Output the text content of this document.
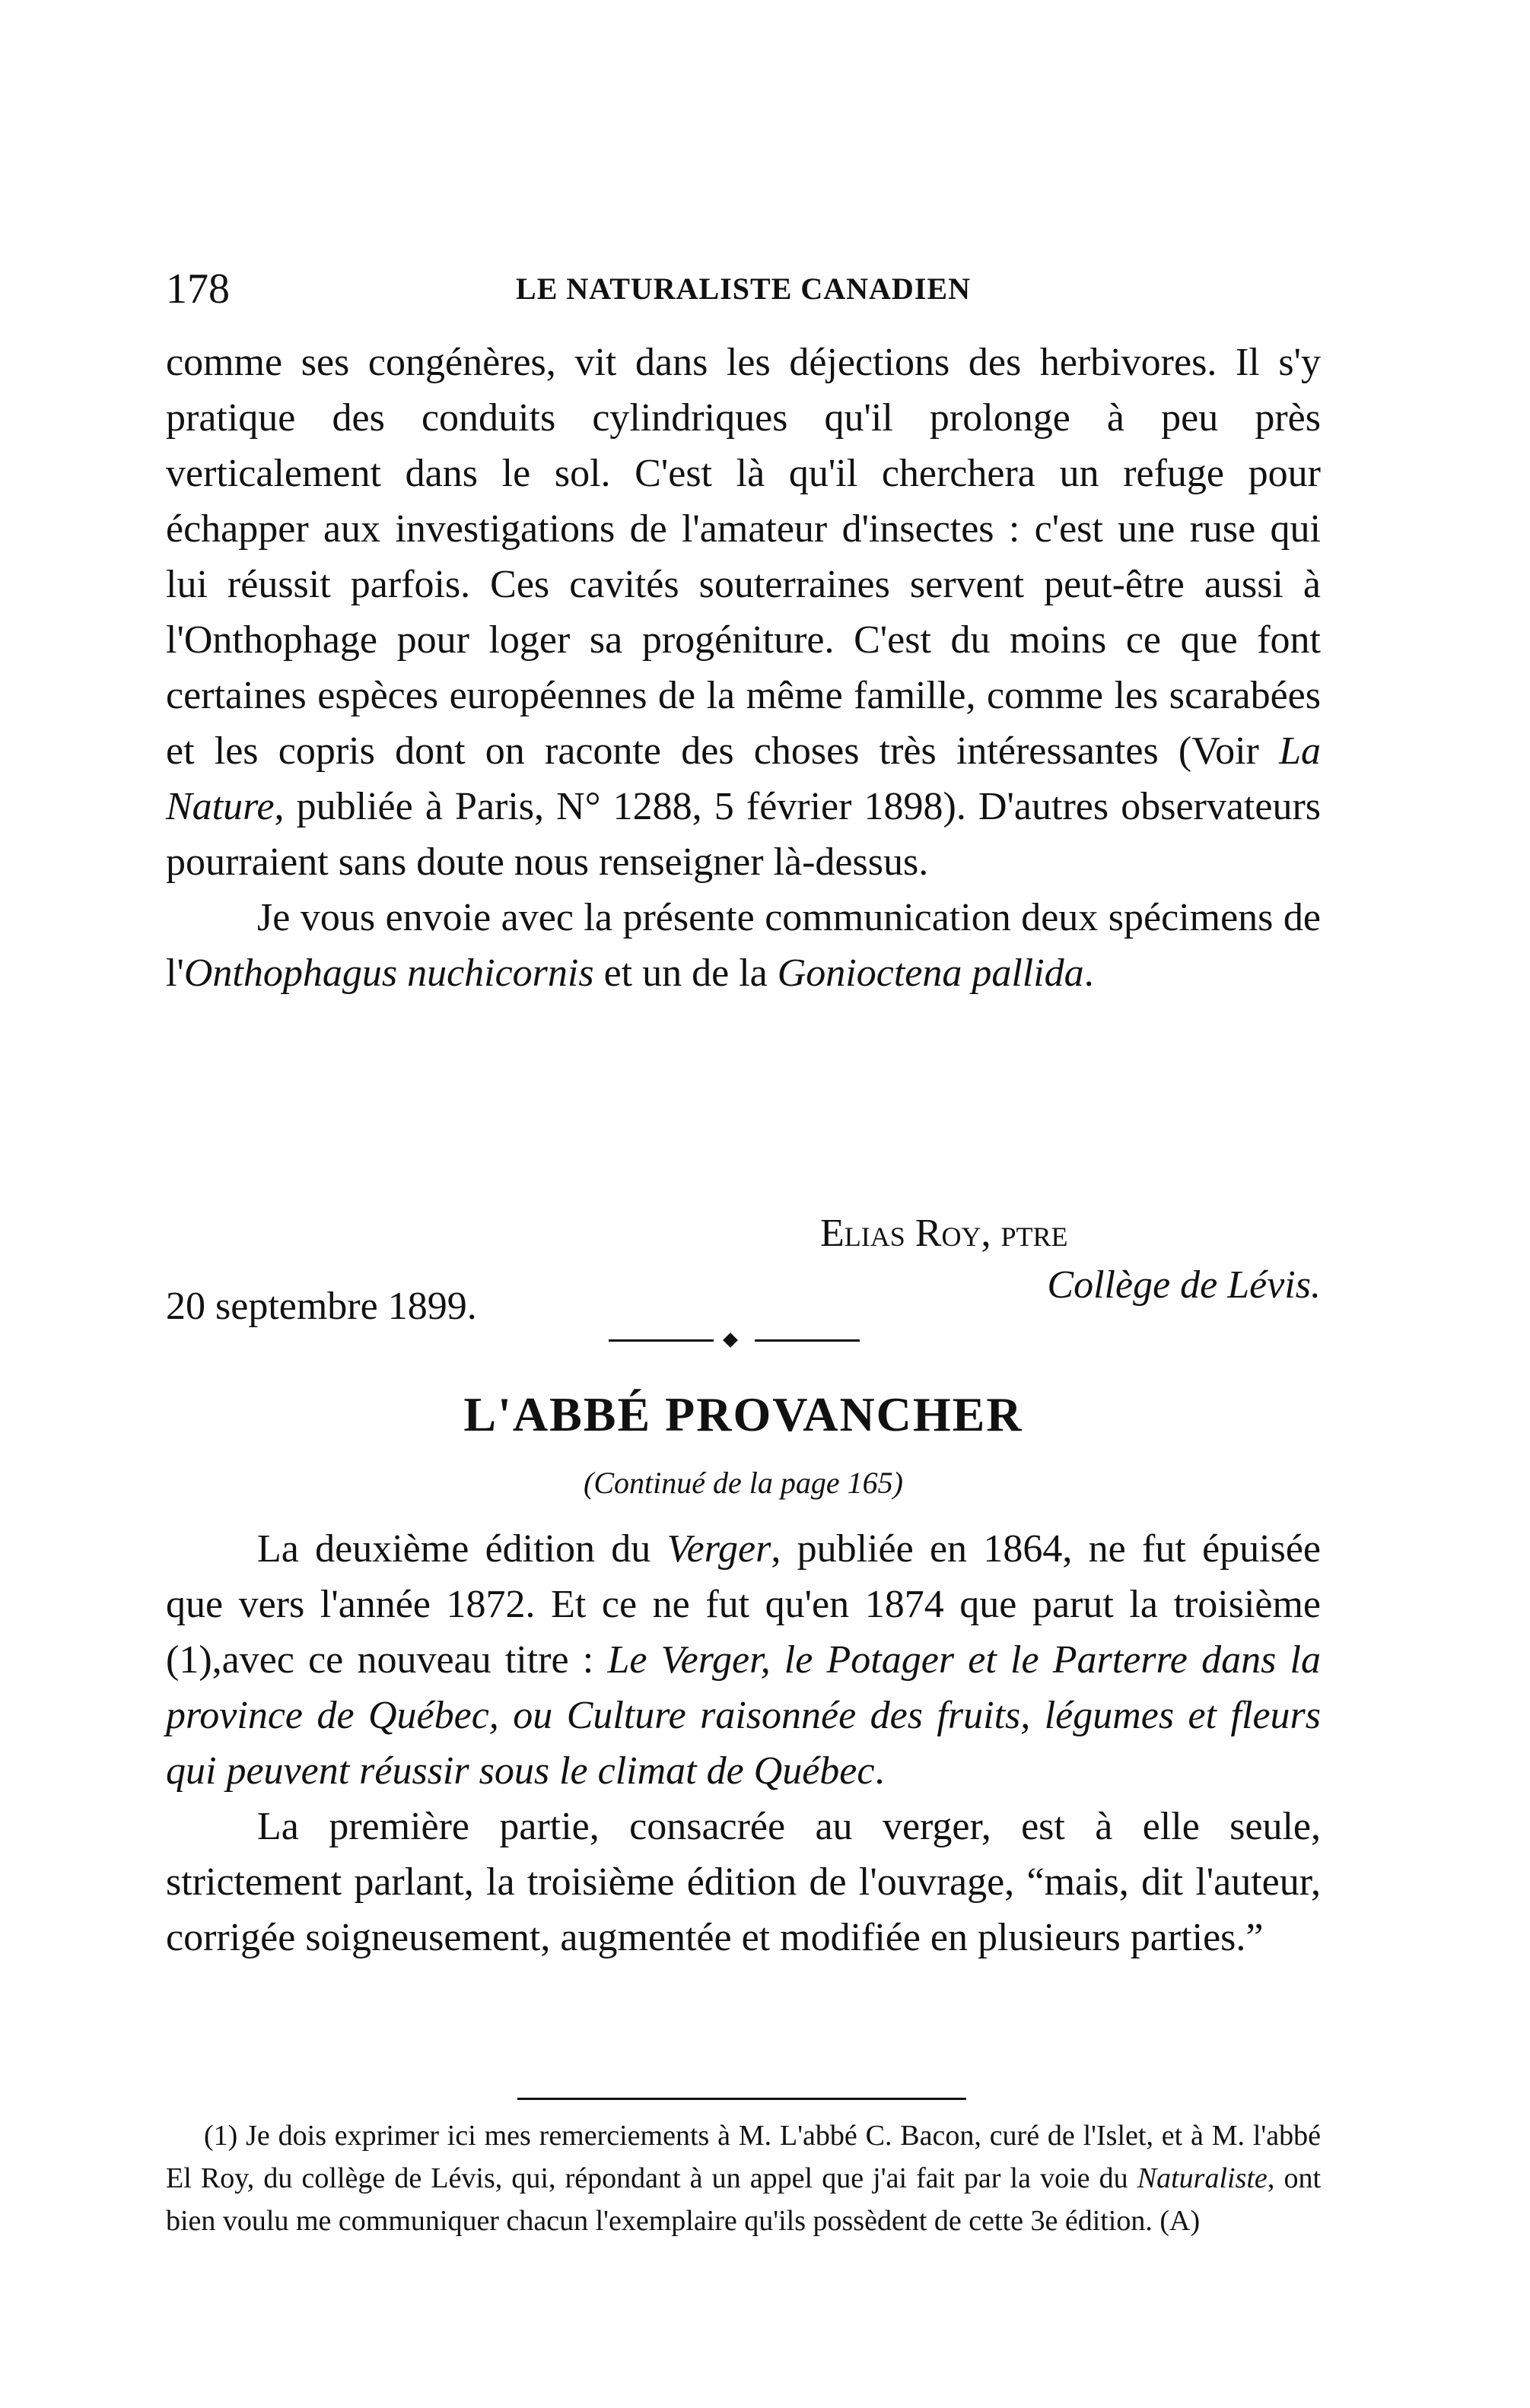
178	LE NATURALISTE CANADIEN

comme ses congénères, vit dans les déjections des herbivores. Il s'y pratique des conduits cylindriques qu'il prolonge à peu près verticalement dans le sol. C'est là qu'il cherchera un refuge pour échapper aux investigations de l'amateur d'insectes : c'est une ruse qui lui réussit parfois. Ces cavités souterraines servent peut-être aussi à l'Onthophage pour loger sa progéniture. C'est du moins ce que font certaines espèces européennes de la même famille, comme les scarabées et les copris dont on raconte des choses très intéressantes (Voir La Nature, publiée à Paris, N° 1288, 5 février 1898). D'autres observateurs pourraient sans doute nous renseigner là-dessus.

Je vous envoie avec la présente communication deux spécimens de l'Onthophagus nuchicornis et un de la Gonioctena pallida.

Elias Roy, ptre
Collège de Lévis.
20 septembre 1899.
L'ABBÉ PROVANCHER
(Continué de la page 165)

La deuxième édition du Verger, publiée en 1864, ne fut épuisée que vers l'année 1872. Et ce ne fut qu'en 1874 que parut la troisième (1),avec ce nouveau titre : Le Verger, le Potager et le Parterre dans la province de Québec, ou Culture raisonnée des fruits, légumes et fleurs qui peuvent réussir sous le climat de Québec.

La première partie, consacrée au verger, est à elle seule, strictement parlant, la troisième édition de l'ouvrage, “mais, dit l'auteur, corrigée soigneusement, augmentée et modifiée en plusieurs parties.”

(1) Je dois exprimer ici mes remerciements à M. L'abbé C. Bacon, curé de l'Islet, et à M. l'abbé El Roy, du collège de Lévis, qui, répondant à un appel que j'ai fait par la voie du Naturaliste, ont bien voulu me communiquer chacun l'exemplaire qu'ils possèdent de cette 3e édition. (A)
